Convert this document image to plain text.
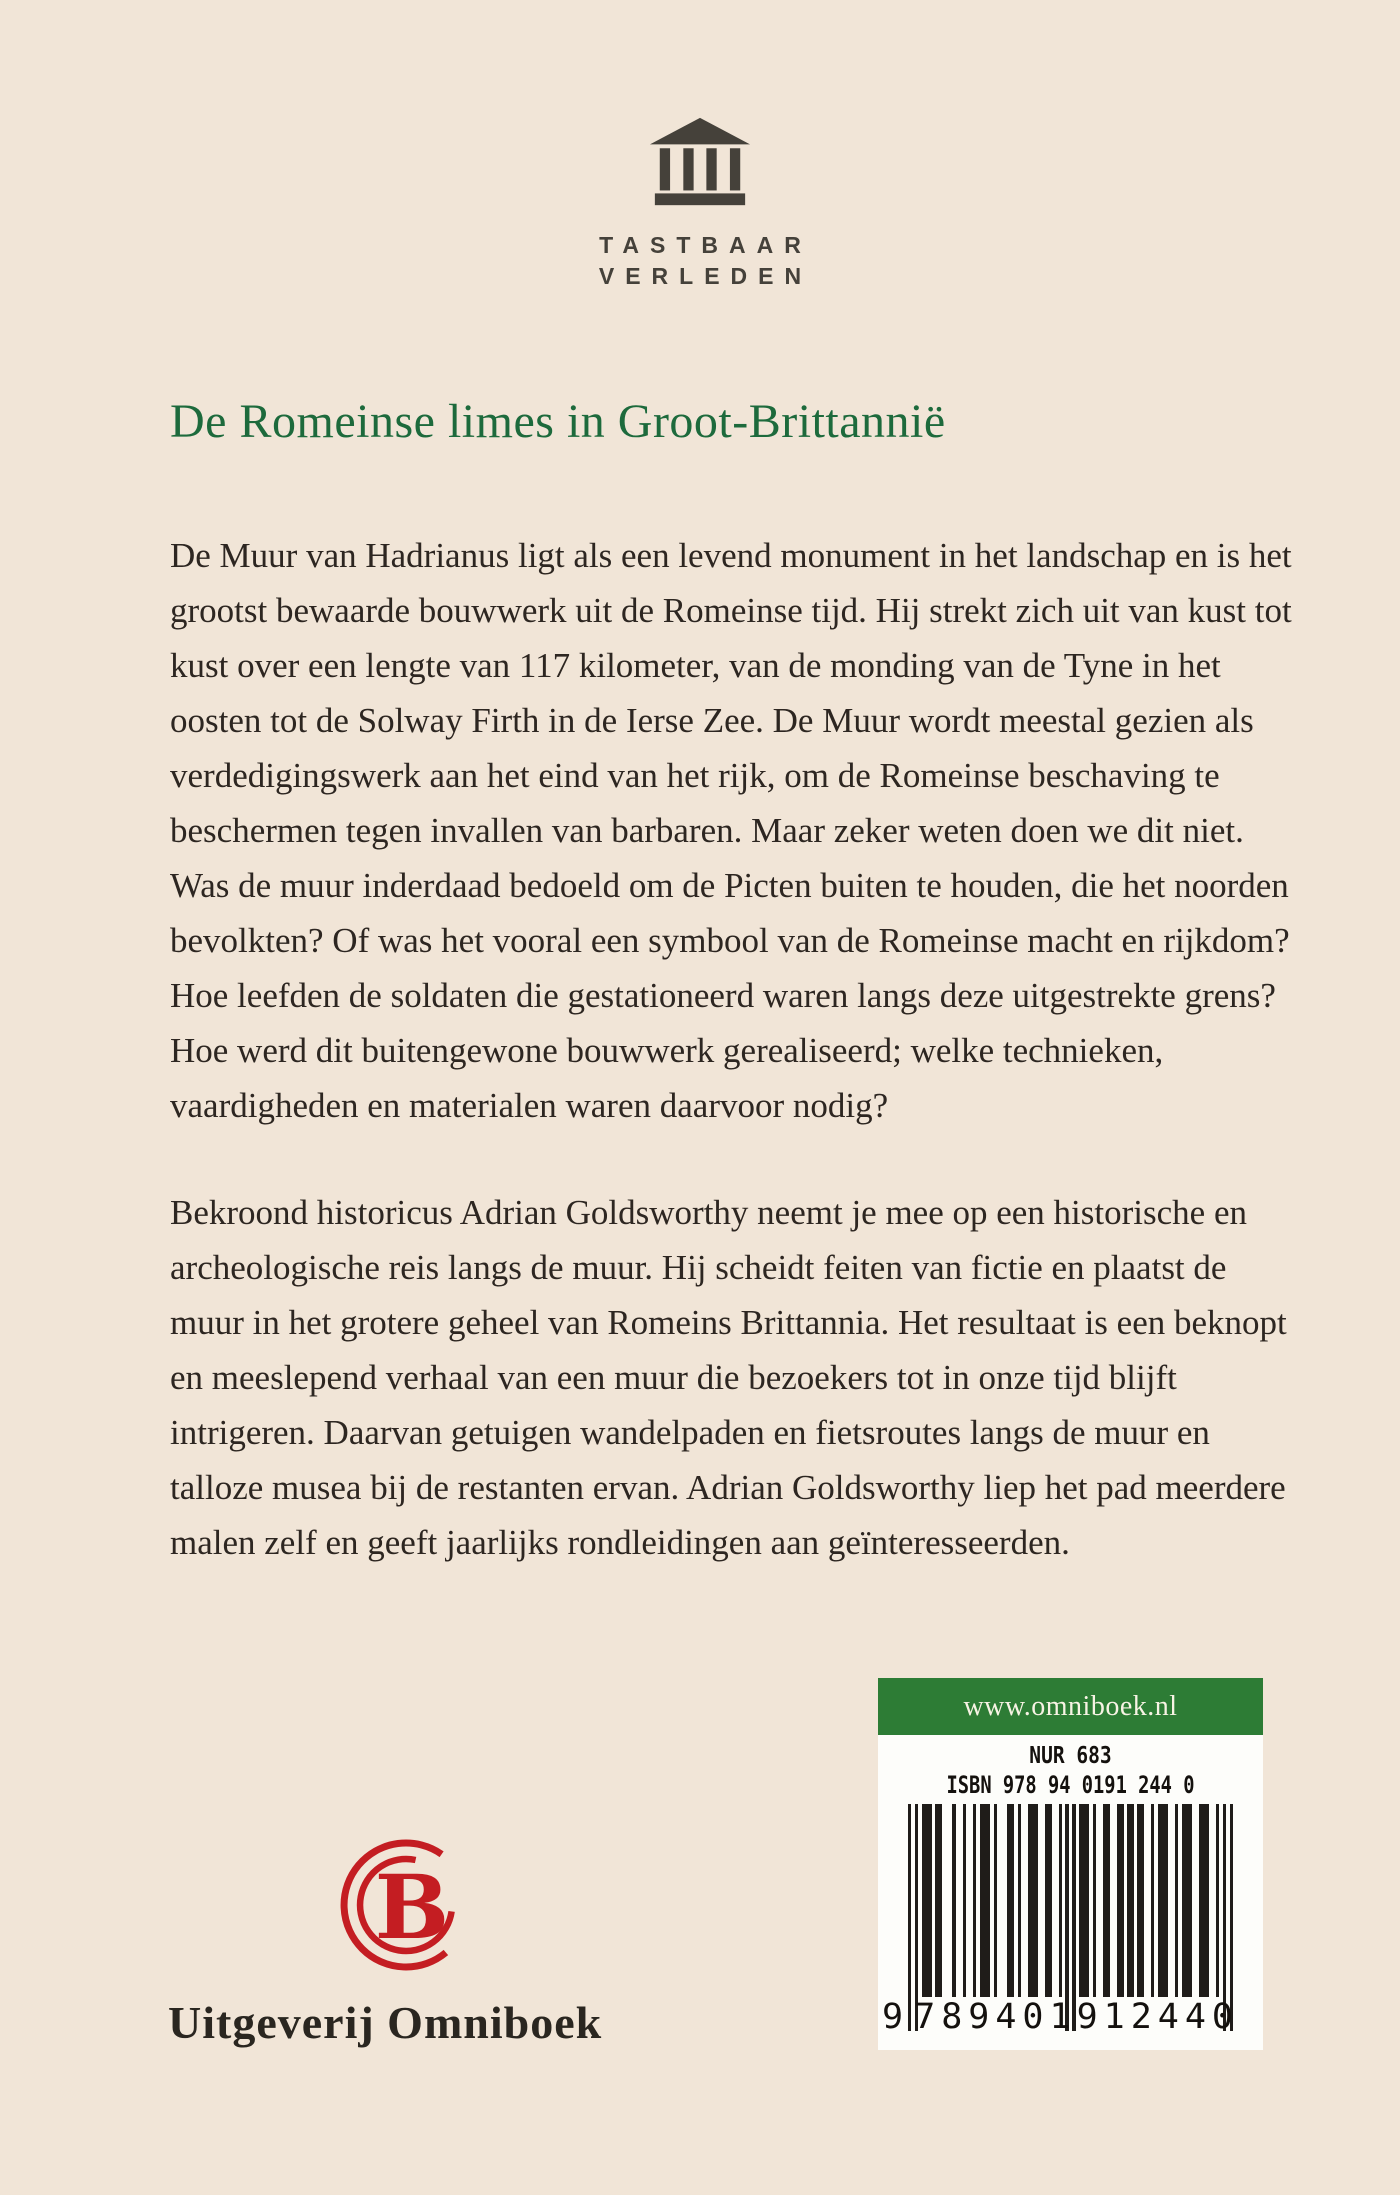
TASTBAAR
VERLEDEN
De Romeinse limes in Groot-Brittannië

De Muur van Hadrianus ligt als een levend monument in het landschap en is het grootst bewaarde bouwwerk uit de Romeinse tijd. Hij strekt zich uit van kust tot kust over een lengte van 117 kilometer, van de monding van de Tyne in het oosten tot de Solway Firth in de Ierse Zee. De Muur wordt meestal gezien als verdedigingswerk aan het eind van het rijk, om de Romeinse beschaving te beschermen tegen invallen van barbaren. Maar zeker weten doen we dit niet. Was de muur inderdaad bedoeld om de Picten buiten te houden, die het noorden bevolkten? Of was het vooral een symbool van de Romeinse macht en rijkdom?

Hoe leefden de soldaten die gestationeerd waren langs deze uitgestrekte grens? Hoe werd dit buitengewone bouwwerk gerealiseerd; welke technieken, vaardigheden en materialen waren daarvoor nodig?

Bekroond historicus Adrian Goldsworthy neemt je mee op een historische en archeologische reis langs de muur. Hij scheidt feiten van fictie en plaatst de muur in het grotere geheel van Romeins Brittannia. Het resultaat is een beknopt en meeslepend verhaal van een muur die bezoekers tot in onze tijd blijft intrigeren. Daarvan getuigen wandelpaden en fietsroutes langs de muur en talloze musea bij de restanten ervan. Adrian Goldsworthy liep het pad meerdere malen zelf en geeft jaarlijks rondleidingen aan geïnteresseerden.

B
Uitgeverij Omniboek
www.omniboek.nl
NUR 683
ISBN 978 94 0191 244 0
9 789401 912440
